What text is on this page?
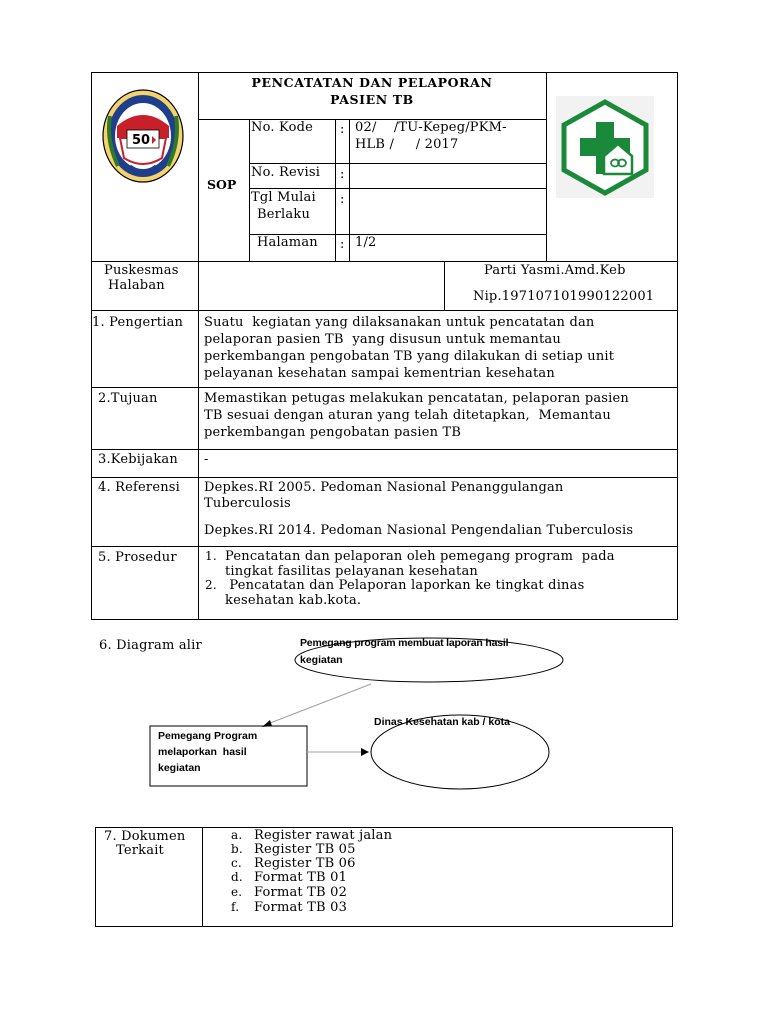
50
PENCATATAN DAN PELAPORAN
PASIEN TB
SOP
No. Kode : 02/    /TU-Kepeg/PKM-
HLB /     / 2017
No. Revisi :
Tgl Mulai
Berlaku
:
Halaman : 1/2
Puskesmas
Halaban
Parti Yasmi.Amd.Keb
Nip.197107101990122001
1. Pengertian Suatu  kegiatan yang dilaksanakan untuk pencatatan dan
pelaporan pasien TB  yang disusun untuk memantau
perkembangan pengobatan TB yang dilakukan di setiap unit
pelayanan kesehatan sampai kementrian kesehatan
2.Tujuan	Memastikan petugas melakukan pencatatan, pelaporan pasien
TB sesuai dengan aturan yang telah ditetapkan,  Memantau
perkembangan pengobatan pasien TB
3.Kebijakan -
4. Referensi Depkes.RI 2005. Pedoman Nasional Penanggulangan
Tuberculosis
Depkes.RI 2014. Pedoman Nasional Pengendalian Tuberculosis
5. Prosedur 1. Pencatatan dan pelaporan oleh pemegang program  pada
tingkat fasilitas pelayanan kesehatan
2. Pencatatan dan Pelaporan laporkan ke tingkat dinas
kesehatan kab.kota.
6. Diagram alir	Pemegang program membuat laporan hasil
kegiatan
Pemegang Program
melaporkan  hasil
kegiatan
Dinas Kesehatan kab / kota
7. Dokumen
Terkait
a. Register rawat jalan
b. Register TB 05
c. Register TB 06
d. Format TB 01
e. Format TB 02
f. Format TB 03
